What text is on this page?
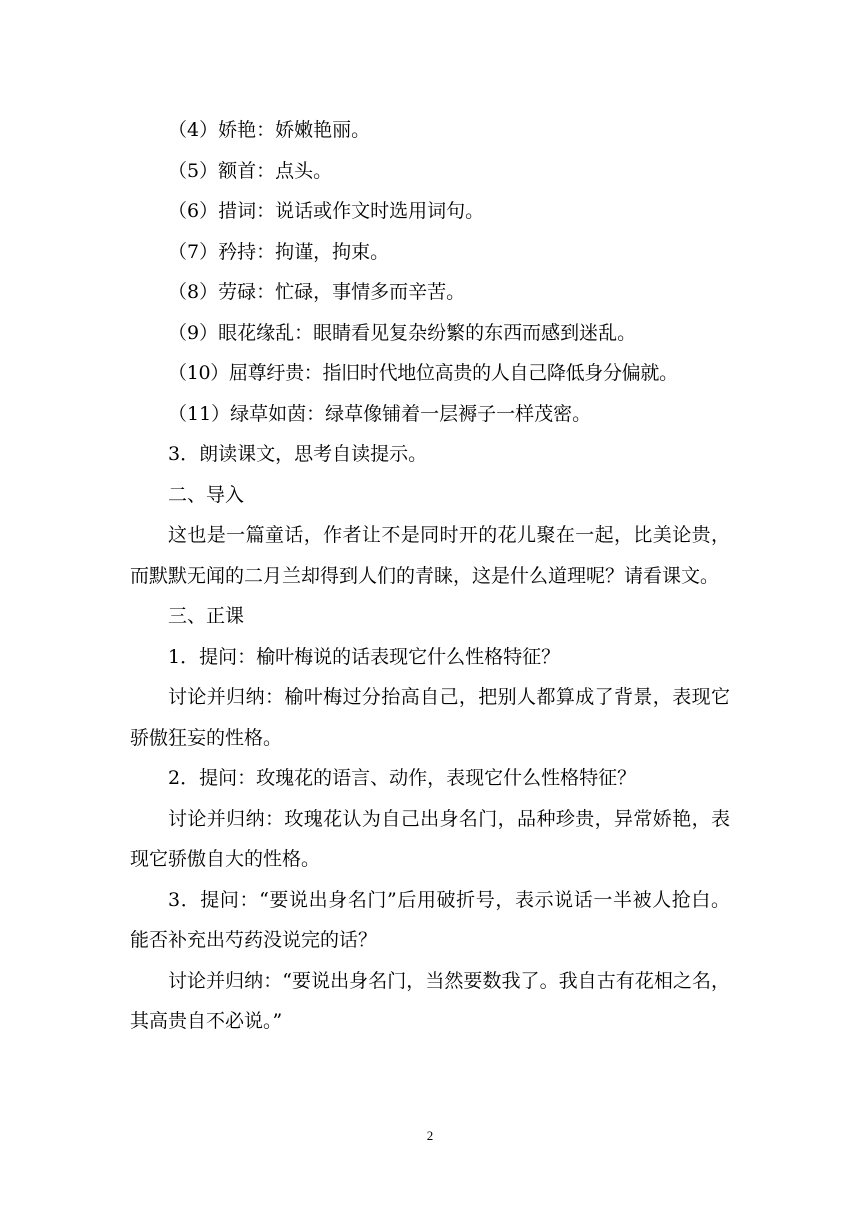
（4）娇艳：娇嫩艳丽。

（5）额首：点头。

（6）措词：说话或作文时选用词句。

（7）矜持：拘谨，拘束。

（8）劳碌：忙碌，事情多而辛苦。

（9）眼花缘乱：眼睛看见复杂纷繁的东西而感到迷乱。

（10）屈尊纡贵：指旧时代地位高贵的人自己降低身分偏就。

（11）绿草如茵：绿草像铺着一层褥子一样茂密。

3．朗读课文，思考自读提示。

二、导入

这也是一篇童话，作者让不是同时开的花儿聚在一起，比美论贵，而默默无闻的二月兰却得到人们的青睐，这是什么道理呢？请看课文。

三、正课

1．提问：榆叶梅说的话表现它什么性格特征？

讨论并归纳：榆叶梅过分抬高自己，把别人都算成了背景，表现它骄傲狂妄的性格。

2．提问：玫瑰花的语言、动作，表现它什么性格特征？

讨论并归纳：玫瑰花认为自己出身名门，品种珍贵，异常娇艳，表现它骄傲自大的性格。

3．提问：“要说出身名门”后用破折号，表示说话一半被人抢白。能否补充出芍药没说完的话？

讨论并归纳：“要说出身名门，当然要数我了。我自古有花相之名，其高贵自不必说。”

2
